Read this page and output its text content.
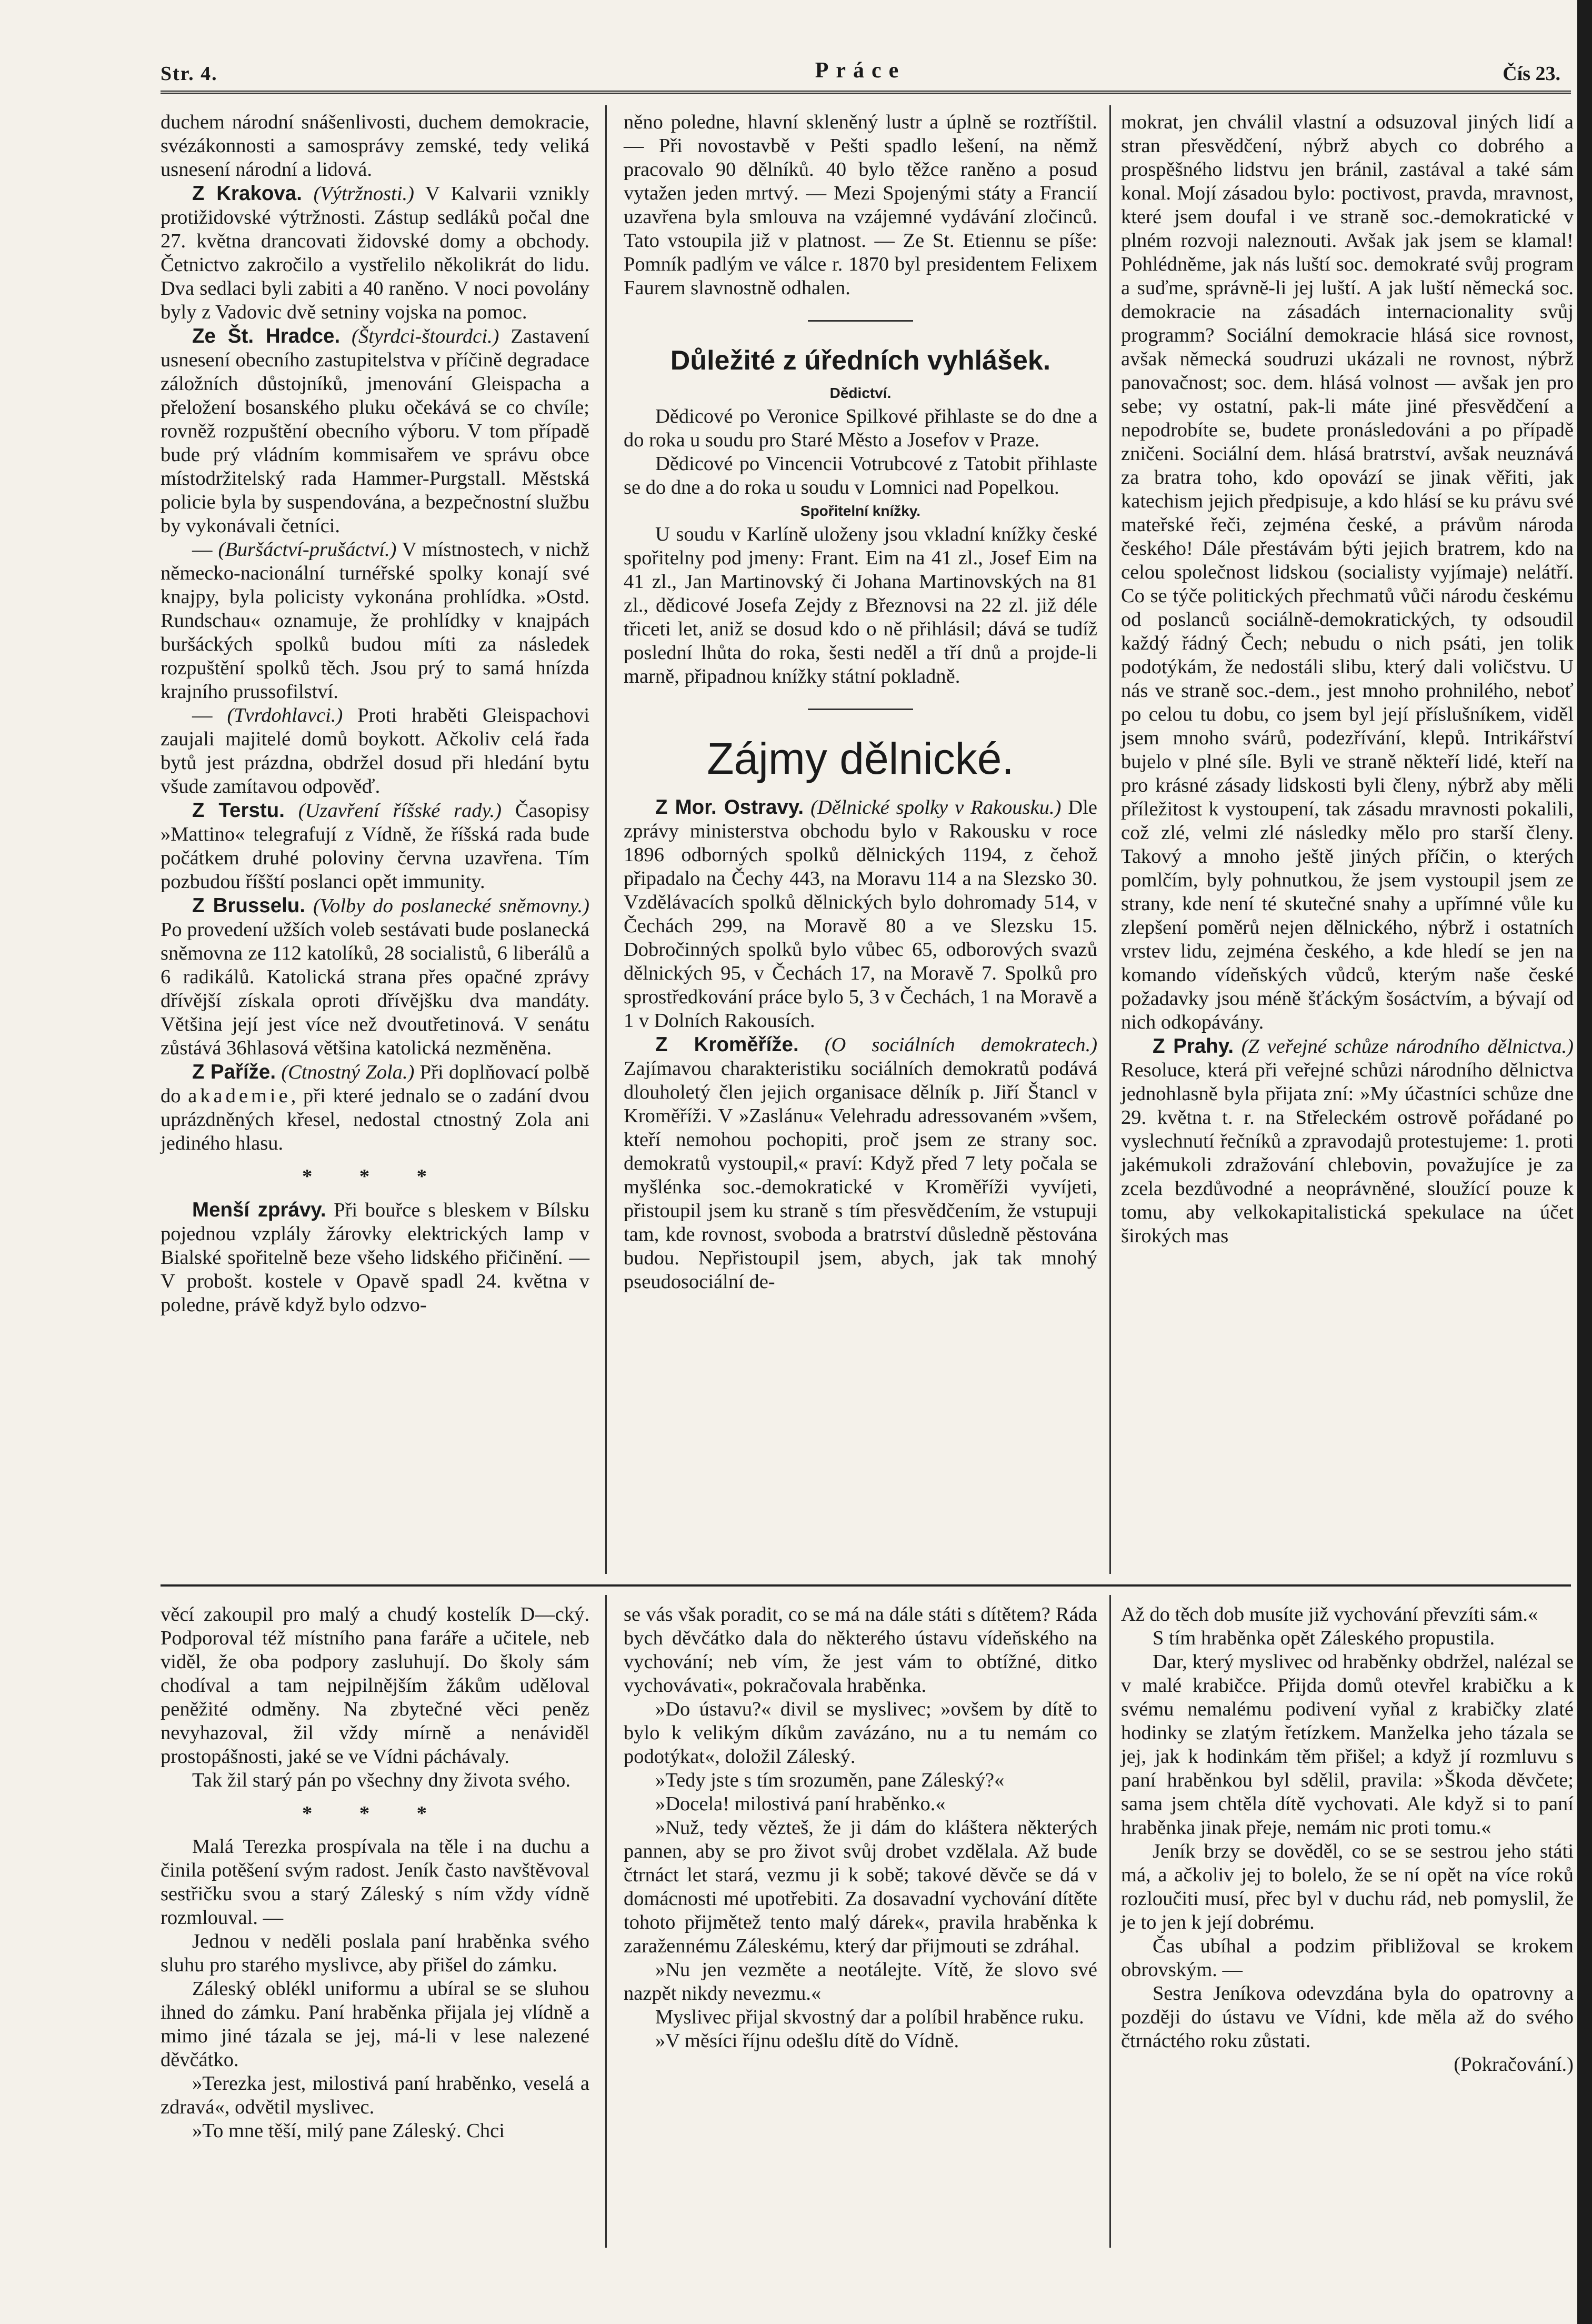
Str. 4.	Práce	Čís 23.

duchem národní snášenlivosti, duchem demokracie, svézákonnosti a samosprávy zemské, tedy veliká usnesení národní a lidová.

Z Krakova. (Výtržnosti.) V Kalvarii vznikly protižidovské výtržnosti. Zástup sedláků počal dne 27. května drancovati židovské domy a obchody. Četnictvo zakročilo a vystřelilo několikrát do lidu. Dva sedlaci byli zabiti a 40 raněno. V noci povolány byly z Vadovic dvě setniny vojska na pomoc.

Ze Št. Hradce. (Štyrdci-štourdci.) Zastavení usnesení obecního zastupitelstva v příčině degradace záložních důstojníků, jmenování Gleispacha a přeložení bosanského pluku očekává se co chvíle; rovněž rozpuštění obecního výboru. V tom případě bude prý vládním kommisařem ve správu obce místodržitelský rada Hammer-Purgstall. Městská policie byla by suspendována, a bezpečnostní službu by vykonávali četníci.

— (Buršáctví-prušáctví.) V místnostech, v nichž německo-nacionální turnéřské spolky konají své knajpy, byla policisty vykonána prohlídka. »Ostd. Rundschau« oznamuje, že prohlídky v knajpách buršáckých spolků budou míti za následek rozpuštění spolků těch. Jsou prý to samá hnízda krajního prussofilství.

— (Tvrdohlavci.) Proti hraběti Gleispachovi zaujali majitelé domů boykott. Ačkoliv celá řada bytů jest prázdna, obdržel dosud při hledání bytu všude zamítavou odpověď.

Z Terstu. (Uzavření říšské rady.) Časopisy »Mattino« telegrafují z Vídně, že říšská rada bude počátkem druhé poloviny června uzavřena. Tím pozbudou říšští poslanci opět immunity.

Z Brusselu. (Volby do poslanecké sněmovny.) Po provedení užších voleb sestávati bude poslanecká sněmovna ze 112 katolíků, 28 socialistů, 6 liberálů a 6 radikálů. Katolická strana přes opačné zprávy dřívější získala oproti dřívějšku dva mandáty. Většina její jest více než dvoutřetinová. V senátu zůstává 36hlasová většina katolická nezměněna.

Z Paříže. (Ctnostný Zola.) Při doplňovací polbě do akademie, při které jednalo se o zadání dvou uprázdněných křesel, nedostal ctnostný Zola ani jediného hlasu.

* * *

Menší zprávy. Při bouřce s bleskem v Bílsku pojednou vzplály žárovky elektrických lamp v Bialské spořitelně beze všeho lidského přičinění. — V probošt. kostele v Opavě spadl 24. května v poledne, právě když bylo odzvo-

něno poledne, hlavní skleněný lustr a úplně se roztříštil. — Při novostavbě v Pešti spadlo lešení, na němž pracovalo 90 dělníků. 40 bylo těžce raněno a posud vytažen jeden mrtvý. — Mezi Spojenými státy a Francií uzavřena byla smlouva na vzájemné vydávání zločinců. Tato vstoupila již v platnost. — Ze St. Etiennu se píše: Pomník padlým ve válce r. 1870 byl presidentem Felixem Faurem slavnostně odhalen.

Důležité z úředních vyhlášek.
Dědictví.

Dědicové po Veronice Spilkové přihlaste se do dne a do roka u soudu pro Staré Město a Josefov v Praze.

Dědicové po Vincencii Votrubcové z Tatobit přihlaste se do dne a do roka u soudu v Lomnici nad Popelkou.

Spořitelní knížky.

U soudu v Karlíně uloženy jsou vkladní knížky české spořitelny pod jmeny: Frant. Eim na 41 zl., Josef Eim na 41 zl., Jan Martinovský či Johana Martinovských na 81 zl., dědicové Josefa Zejdy z Březnovsi na 22 zl. již déle třiceti let, aniž se dosud kdo o ně přihlásil; dává se tudíž poslední lhůta do roka, šesti neděl a tří dnů a projde-li marně, připadnou knížky státní pokladně.

Zájmy dělnické.

Z Mor. Ostravy. (Dělnické spolky v Rakousku.) Dle zprávy ministerstva obchodu bylo v Rakousku v roce 1896 odborných spolků dělnických 1194, z čehož připadalo na Čechy 443, na Moravu 114 a na Slezsko 30. Vzdělávacích spolků dělnických bylo dohromady 514, v Čechách 299, na Moravě 80 a ve Slezsku 15. Dobročinných spolků bylo vůbec 65, odborových svazů dělnických 95, v Čechách 17, na Moravě 7. Spolků pro sprostředkování práce bylo 5, 3 v Čechách, 1 na Moravě a 1 v Dolních Rakousích.

Z Kroměříže. (O sociálních demokratech.) Zajímavou charakteristiku sociálních demokratů podává dlouholetý člen jejich organisace dělník p. Jiří Štancl v Kroměříži. V »Zaslánu« Velehradu adressovaném »všem, kteří nemohou pochopiti, proč jsem ze strany soc. demokratů vystoupil,« praví: Když před 7 lety počala se myšlénka soc.-demokratické v Kroměříži vyvíjeti, přistoupil jsem ku straně s tím přesvědčením, že vstupuji tam, kde rovnost, svoboda a bratrství důsledně pěstována budou. Nepřistoupil jsem, abych, jak tak mnohý pseudosociální de-

mokrat, jen chválil vlastní a odsuzoval jiných lidí a stran přesvědčení, nýbrž abych co dobrého a prospěšného lidstvu jen bránil, zastával a také sám konal. Mojí zásadou bylo: poctivost, pravda, mravnost, které jsem doufal i ve straně soc.-demokratické v plném rozvoji naleznouti. Avšak jak jsem se klamal! Pohlédněme, jak nás luští soc. demokraté svůj program a suďme, správně-li jej luští. A jak luští německá soc. demokracie na zásadách internacionality svůj programm? Sociální demokracie hlásá sice rovnost, avšak německá soudruzi ukázali ne rovnost, nýbrž panovačnost; soc. dem. hlásá volnost — avšak jen pro sebe; vy ostatní, pak-li máte jiné přesvědčení a nepodrobíte se, budete pronásledováni a po případě zničeni. Sociální dem. hlásá bratrství, avšak neuznává za bratra toho, kdo opovází se jinak věřiti, jak katechism jejich předpisuje, a kdo hlásí se ku právu své mateřské řeči, zejména české, a právům národa českého! Dále přestávám býti jejich bratrem, kdo na celou společnost lidskou (socialisty vyjímaje) nelátří. Co se týče politických přechmatů vůči národu českému od poslanců sociálně-demokratických, ty odsoudil každý řádný Čech; nebudu o nich psáti, jen tolik podotýkám, že nedostáli slibu, který dali voličstvu. U nás ve straně soc.-dem., jest mnoho prohnilého, neboť po celou tu dobu, co jsem byl její příslušníkem, viděl jsem mnoho svárů, podezřívání, klepů. Intrikářství bujelo v plné síle. Byli ve straně někteří lidé, kteří na pro krásné zásady lidskosti byli členy, nýbrž aby měli příležitost k vystoupení, tak zásadu mravnosti pokalili, což zlé, velmi zlé následky mělo pro starší členy. Takový a mnoho ještě jiných příčin, o kterých pomlčím, byly pohnutkou, že jsem vystoupil jsem ze strany, kde není té skutečné snahy a upřímné vůle ku zlepšení poměrů nejen dělnického, nýbrž i ostatních vrstev lidu, zejména českého, a kde hledí se jen na komando vídeňských vůdců, kterým naše české požadavky jsou méně šťáckým šosáctvím, a bývají od nich odkopávány.

Z Prahy. (Z veřejné schůze národního dělnictva.) Resoluce, která při veřejné schůzi národního dělnictva jednohlasně byla přijata zní: »My účastníci schůze dne 29. května t. r. na Střeleckém ostrově pořádané po vyslechnutí řečníků a zpravodajů protestujeme: 1. proti jakémukoli zdražování chlebovin, považujíce je za zcela bezdůvodné a neoprávněné, sloužící pouze k tomu, aby velkokapitalistická spekulace na účet širokých mas

věcí zakoupil pro malý a chudý kostelík D—cký. Podporoval též místního pana faráře a učitele, neb viděl, že oba podpory zasluhují. Do školy sám chodíval a tam nejpilnějším žákům uděloval peněžité odměny. Na zbytečné věci peněz nevyhazoval, žil vždy mírně a nenáviděl prostopášnosti, jaké se ve Vídni páchávaly.

Tak žil starý pán po všechny dny života svého.

* * *

Malá Terezka prospívala na těle i na duchu a činila potěšení svým radost. Jeník často navštěvoval sestřičku svou a starý Záleský s ním vždy vídně rozmlouval. —

Jednou v neděli poslala paní hraběnka svého sluhu pro starého myslivce, aby přišel do zámku.

Záleský oblékl uniformu a ubíral se se sluhou ihned do zámku. Paní hraběnka přijala jej vlídně a mimo jiné tázala se jej, má-li v lese nalezené děvčátko.

»Terezka jest, milostivá paní hraběnko, veselá a zdravá«, odvětil myslivec.

»To mne těší, milý pane Záleský. Chci

se vás však poradit, co se má na dále státi s dítětem? Ráda bych děvčátko dala do některého ústavu vídeňského na vychování; neb vím, že jest vám to obtížné, ditko vychovávati«, pokračovala hraběnka.

»Do ústavu?« divil se myslivec; »ovšem by dítě to bylo k velikým díkům zavázáno, nu a tu nemám co podotýkat«, doložil Záleský.

»Tedy jste s tím srozuměn, pane Záleský?«

»Docela! milostivá paní hraběnko.«

»Nuž, tedy vězteš, že ji dám do kláštera některých pannen, aby se pro život svůj drobet vzdělala. Až bude čtrnáct let stará, vezmu ji k sobě; takové děvče se dá v domácnosti mé upotřebiti. Za dosavadní vychování dítěte tohoto přijmětež tento malý dárek«, pravila hraběnka k zaražennému Záleskému, který dar přijmouti se zdráhal.

»Nu jen vezměte a neotálejte. Vítě, že slovo své nazpět nikdy nevezmu.«

Myslivec přijal skvostný dar a políbil hraběnce ruku.

»V měsíci říjnu odešlu dítě do Vídně.

Až do těch dob musíte již vychování převzíti sám.«

S tím hraběnka opět Záleského propustila.

Dar, který myslivec od hraběnky obdržel, nalézal se v malé krabičce. Přijda domů otevřel krabičku a k svému nemalému podivení vyňal z krabičky zlaté hodinky se zlatým řetízkem. Manželka jeho tázala se jej, jak k hodinkám těm přišel; a když jí rozmluvu s paní hraběnkou byl sdělil, pravila: »Škoda děvčete; sama jsem chtěla dítě vychovati. Ale když si to paní hraběnka jinak přeje, nemám nic proti tomu.«

Jeník brzy se dověděl, co se se sestrou jeho státi má, a ačkoliv jej to bolelo, že se ní opět na více roků rozloučiti musí, přec byl v duchu rád, neb pomyslil, že je to jen k její dobrému.

Čas ubíhal a podzim přibližoval se krokem obrovským. —

Sestra Jeníkova odevzdána byla do opatrovny a později do ústavu ve Vídni, kde měla až do svého čtrnáctého roku zůstati.

(Pokračování.)
